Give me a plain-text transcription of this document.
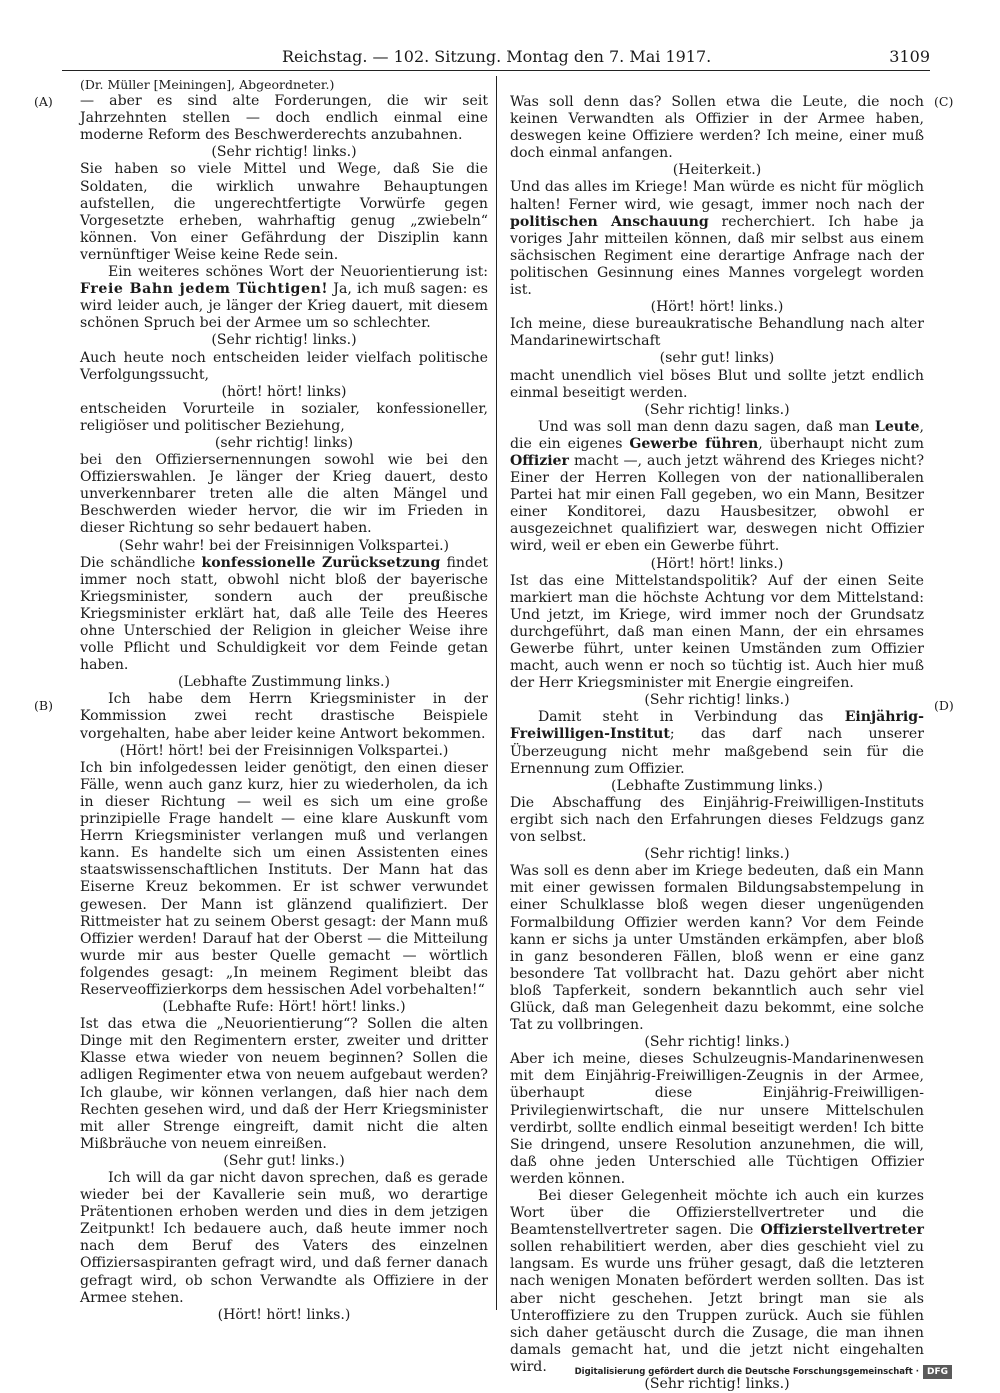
Reichstag. — 102. Sitzung. Montag den 7. Mai 1917.	3109
(A)
(B)
(C)
(D)

(Dr. Müller [Meiningen], Abgeordneter.)

— aber es sind alte Forderungen, die wir seit Jahrzehnten stellen — doch endlich einmal eine moderne Reform des Beschwerderechts anzubahnen.

(Sehr richtig! links.)

Sie haben so viele Mittel und Wege, daß Sie die Soldaten, die wirklich unwahre Behauptungen aufstellen, die ungerechtfertigte Vorwürfe gegen Vorgesetzte erheben, wahrhaftig genug „zwiebeln“ können. Von einer Gefährdung der Disziplin kann vernünftiger Weise keine Rede sein.

Ein weiteres schönes Wort der Neuorientierung ist: Freie Bahn jedem Tüchtigen! Ja, ich muß sagen: es wird leider auch, je länger der Krieg dauert, mit diesem schönen Spruch bei der Armee um so schlechter.

(Sehr richtig! links.)

Auch heute noch entscheiden leider vielfach politische Verfolgungssucht,

(hört! hört! links)

entscheiden Vorurteile in sozialer, konfessioneller, religiöser und politischer Beziehung,

(sehr richtig! links)

bei den Offiziersernennungen sowohl wie bei den Offizierswahlen. Je länger der Krieg dauert, desto unverkennbarer treten alle die alten Mängel und Beschwerden wieder hervor, die wir im Frieden in dieser Richtung so sehr bedauert haben.

(Sehr wahr! bei der Freisinnigen Volkspartei.)

Die schändliche konfessionelle Zurücksetzung findet immer noch statt, obwohl nicht bloß der bayerische Kriegsminister, sondern auch der preußische Kriegsminister erklärt hat, daß alle Teile des Heeres ohne Unterschied der Religion in gleicher Weise ihre volle Pflicht und Schuldigkeit vor dem Feinde getan haben.

(Lebhafte Zustimmung links.)

Ich habe dem Herrn Kriegsminister in der Kommission zwei recht drastische Beispiele vorgehalten, habe aber leider keine Antwort bekommen.

(Hört! hört! bei der Freisinnigen Volkspartei.)

Ich bin infolgedessen leider genötigt, den einen dieser Fälle, wenn auch ganz kurz, hier zu wiederholen, da ich in dieser Richtung — weil es sich um eine große prinzipielle Frage handelt — eine klare Auskunft vom Herrn Kriegsminister verlangen muß und verlangen kann. Es handelte sich um einen Assistenten eines staatswissenschaftlichen Instituts. Der Mann hat das Eiserne Kreuz bekommen. Er ist schwer verwundet gewesen. Der Mann ist glänzend qualifiziert. Der Rittmeister hat zu seinem Oberst gesagt: der Mann muß Offizier werden! Darauf hat der Oberst — die Mitteilung wurde mir aus bester Quelle gemacht — wörtlich folgendes gesagt: „In meinem Regiment bleibt das Reserveoffizierkorps dem hessischen Adel vorbehalten!“

(Lebhafte Rufe: Hört! hört! links.)

Ist das etwa die „Neuorientierung“? Sollen die alten Dinge mit den Regimentern erster, zweiter und dritter Klasse etwa wieder von neuem beginnen? Sollen die adligen Regimenter etwa von neuem aufgebaut werden? Ich glaube, wir können verlangen, daß hier nach dem Rechten gesehen wird, und daß der Herr Kriegsminister mit aller Strenge eingreift, damit nicht die alten Mißbräuche von neuem einreißen.

(Sehr gut! links.)

Ich will da gar nicht davon sprechen, daß es gerade wieder bei der Kavallerie sein muß, wo derartige Prätentionen erhoben werden und dies in dem jetzigen Zeitpunkt! Ich bedauere auch, daß heute immer noch nach dem Beruf des Vaters des einzelnen Offiziersaspiranten gefragt wird, und daß ferner danach gefragt wird, ob schon Verwandte als Offiziere in der Armee stehen.

(Hört! hört! links.)

Was soll denn das? Sollen etwa die Leute, die noch keinen Verwandten als Offizier in der Armee haben, deswegen keine Offiziere werden? Ich meine, einer muß doch einmal anfangen.

(Heiterkeit.)

Und das alles im Kriege! Man würde es nicht für möglich halten! Ferner wird, wie gesagt, immer noch nach der politischen Anschauung recherchiert. Ich habe ja voriges Jahr mitteilen können, daß mir selbst aus einem sächsischen Regiment eine derartige Anfrage nach der politischen Gesinnung eines Mannes vorgelegt worden ist.

(Hört! hört! links.)

Ich meine, diese bureaukratische Behandlung nach alter Mandarinewirtschaft

(sehr gut! links)

macht unendlich viel böses Blut und sollte jetzt endlich einmal beseitigt werden.

(Sehr richtig! links.)

Und was soll man denn dazu sagen, daß man Leute, die ein eigenes Gewerbe führen, überhaupt nicht zum Offizier macht —, auch jetzt während des Krieges nicht? Einer der Herren Kollegen von der nationalliberalen Partei hat mir einen Fall gegeben, wo ein Mann, Besitzer einer Konditorei, dazu Hausbesitzer, obwohl er ausgezeichnet qualifiziert war, deswegen nicht Offizier wird, weil er eben ein Gewerbe führt.

(Hört! hört! links.)

Ist das eine Mittelstandspolitik? Auf der einen Seite markiert man die höchste Achtung vor dem Mittelstand: Und jetzt, im Kriege, wird immer noch der Grundsatz durchgeführt, daß man einen Mann, der ein ehrsames Gewerbe führt, unter keinen Umständen zum Offizier macht, auch wenn er noch so tüchtig ist. Auch hier muß der Herr Kriegsminister mit Energie eingreifen.

(Sehr richtig! links.)

Damit steht in Verbindung das Einjährig-Freiwilligen-Institut; das darf nach unserer Überzeugung nicht mehr maßgebend sein für die Ernennung zum Offizier.

(Lebhafte Zustimmung links.)

Die Abschaffung des Einjährig-Freiwilligen-Instituts ergibt sich nach den Erfahrungen dieses Feldzugs ganz von selbst.

(Sehr richtig! links.)

Was soll es denn aber im Kriege bedeuten, daß ein Mann mit einer gewissen formalen Bildungsabstempelung in einer Schulklasse bloß wegen dieser ungenügenden Formalbildung Offizier werden kann? Vor dem Feinde kann er sichs ja unter Umständen erkämpfen, aber bloß in ganz besonderen Fällen, bloß wenn er eine ganz besondere Tat vollbracht hat. Dazu gehört aber nicht bloß Tapferkeit, sondern bekanntlich auch sehr viel Glück, daß man Gelegenheit dazu bekommt, eine solche Tat zu vollbringen.

(Sehr richtig! links.)

Aber ich meine, dieses Schulzeugnis-Mandarinenwesen mit dem Einjährig-Freiwilligen-Zeugnis in der Armee, überhaupt diese Einjährig-Freiwilligen-Privilegienwirtschaft, die nur unsere Mittelschulen verdirbt, sollte endlich einmal beseitigt werden! Ich bitte Sie dringend, unsere Resolution anzunehmen, die will, daß ohne jeden Unterschied alle Tüchtigen Offizier werden können.

Bei dieser Gelegenheit möchte ich auch ein kurzes Wort über die Offizierstellvertreter und die Beamtenstellvertreter sagen. Die Offizierstellvertreter sollen rehabilitiert werden, aber dies geschieht viel zu langsam. Es wurde uns früher gesagt, daß die letzteren nach wenigen Monaten befördert werden sollten. Das ist aber nicht geschehen. Jetzt bringt man sie als Unteroffiziere zu den Truppen zurück. Auch sie fühlen sich daher getäuscht durch die Zusage, die man ihnen damals gemacht hat, und die jetzt nicht eingehalten wird.

(Sehr richtig! links.)

Digitalisierung gefördert durch die Deutsche Forschungsgemeinschaft · DFG
